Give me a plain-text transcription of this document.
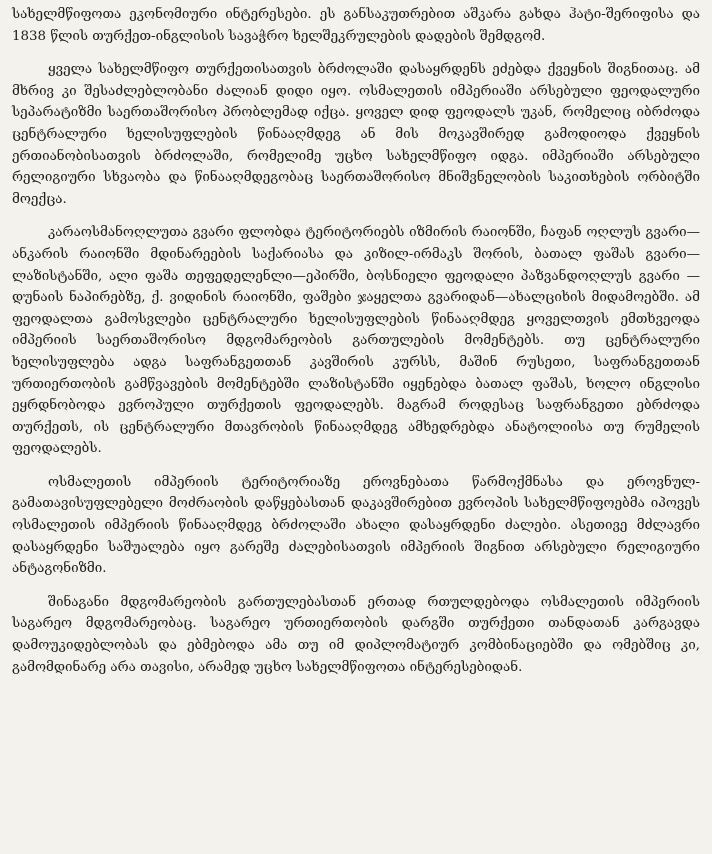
სახელმწიფოთა ეკონომიური ინტერესები. ეს განსაკუთრებით აშკარა გახდა ჰატი-შერიფისა და 1838 წლის თურქეთ-ინგლისის სავაჭრო ხელშეკრულების დადების შემდგომ.

ყველა სახელმწიფო თურქეთისათვის ბრძოლაში დასაყრდენს ეძებდა ქვეყნის შიგნითაც. ამ მხრივ კი შესაძლებლობანი ძალიან დიდი იყო. ოსმალეთის იმპერიაში არსებული ფეოდალური სეპარატიზმი საერთაშორისო პრობლემად იქცა. ყოველ დიდ ფეოდალს უკან, რომელიც იბრძოდა ცენტრალური ხელისუფლების წინააღმდეგ ან მის მოკავშირედ გამოდიოდა ქვეყნის ერთიანობისათვის ბრძოლაში, რომელიმე უცხო სახელმწიფო იდგა. იმპერიაში არსებული რელიგიური სხვაობა და წინააღმდეგობაც საერთაშორისო მნიშვნელობის საკითხების ორბიტში მოექცა.

კარაოსმანოღლუთა გვარი ფლობდა ტერიტორიებს იზმირის რაიონში, ჩაფან ოღლუს გვარი—ანკარის რაიონში მდინარეების საქარიასა და კიზილ-ირმაკს შორის, ბათალ ფაშას გვარი—ლაზისტანში, ალი ფაშა თეფედელენლი—ეპირში, ბოსნიელი ფეოდალი პაზვანდოღლუს გვარი — დუნაის ნაპირებზე, ქ. ვიდინის რაიონში, ფაშები ჯაყელთა გვარიდან—ახალციხის მიდამოებში. ამ ფეოდალთა გამოსვლები ცენტრალური ხელისუფლების წინააღმდეგ ყოველთვის ემთხვეოდა იმპერიის საერთაშორისო მდგომარეობის გართულების მომენტებს. თუ ცენტრალური ხელისუფლება ადგა საფრანგეთთან კავშირის კურსს, მაშინ რუსეთი, საფრანგეთთან ურთიერთობის გამწვავების მომენტებში ლაზისტანში იყენებდა ბათალ ფაშას, ხოლო ინგლისი ეყრდნობოდა ევროპული თურქეთის ფეოდალებს. მაგრამ როდესაც საფრანგეთი ებრძოდა თურქეთს, ის ცენტრალური მთავრობის წინააღმდეგ ამხედრებდა ანატოლიისა თუ რუმელის ფეოდალებს.

ოსმალეთის იმპერიის ტერიტორიაზე ეროვნებათა წარმოქმნასა და ეროვნულ-გამათავისუფლებელი მოძრაობის დაწყებასთან დაკავშირებით ევროპის სახელმწიფოებმა იპოვეს ოსმალეთის იმპერიის წინააღმდეგ ბრძოლაში ახალი დასაყრდენი ძალები. ასეთივე მძლავრი დასაყრდენი საშუალება იყო გარეშე ძალებისათვის იმპერიის შიგნით არსებული რელიგიური ანტაგონიზმი.

შინაგანი მდგომარეობის გართულებასთან ერთად რთულდებოდა ოსმალეთის იმპერიის საგარეო მდგომარეობაც. საგარეო ურთიერთობის დარგში თურქეთი თანდათან კარგავდა დამოუკიდებლობას და ებმებოდა ამა თუ იმ დიპლომატიურ კომბინაციებში და ომებშიც კი, გამომდინარე არა თავისი, არამედ უცხო სახელმწიფოთა ინტერესებიდან.
